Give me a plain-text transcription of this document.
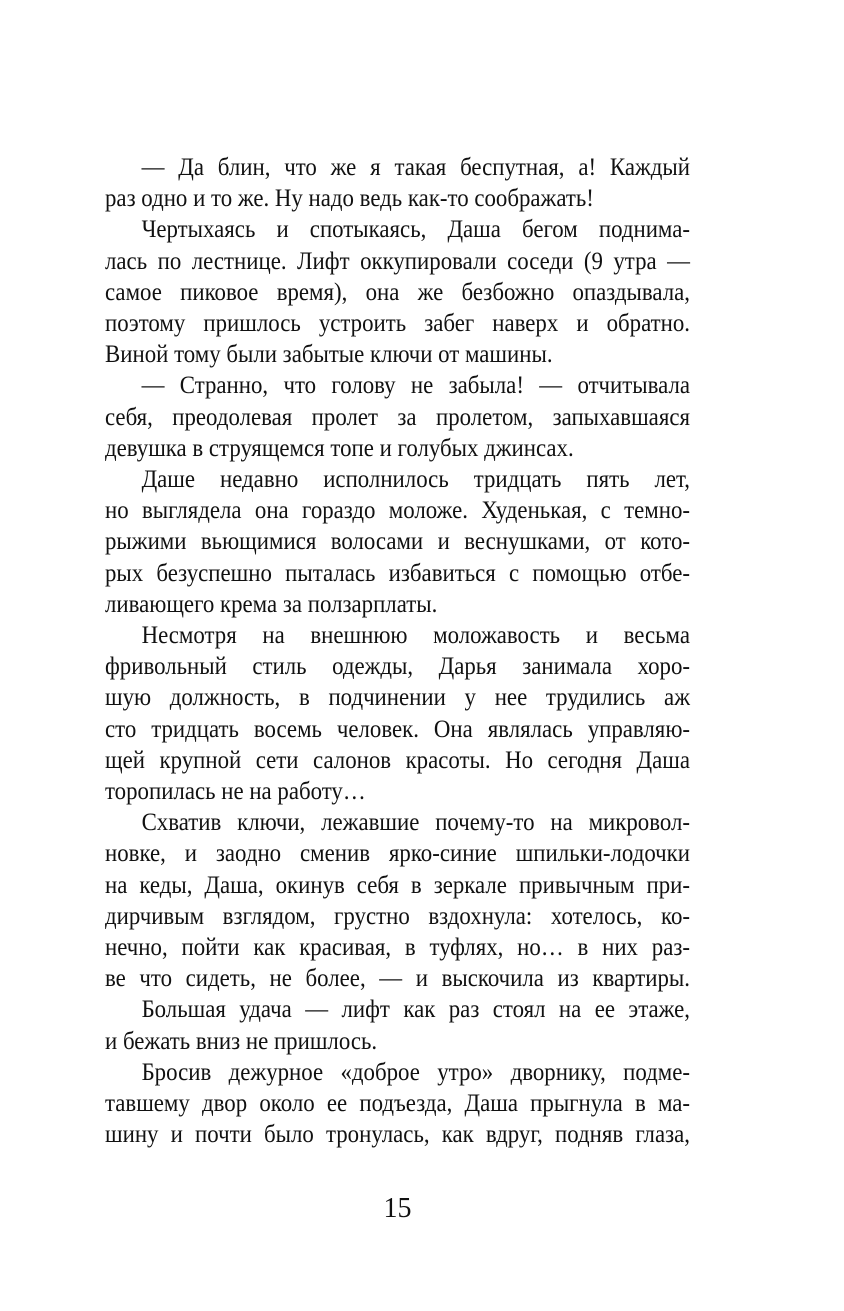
— Да блин, что же я такая беспутная, а! Каждый
раз одно и то же. Ну надо ведь как-то соображать!
Чертыхаясь и спотыкаясь, Даша бегом поднима-
лась по лестнице. Лифт оккупировали соседи (9 утра —
самое пиковое время), она же безбожно опаздывала,
поэтому пришлось устроить забег наверх и обратно.
Виной тому были забытые ключи от машины.
— Странно, что голову не забыла! — отчитывала
себя, преодолевая пролет за пролетом, запыхавшаяся
девушка в струящемся топе и голубых джинсах.
Даше недавно исполнилось тридцать пять лет,
но выглядела она гораздо моложе. Худенькая, с темно-
рыжими вьющимися волосами и веснушками, от кото-
рых безуспешно пыталась избавиться с помощью отбе-
ливающего крема за ползарплаты.
Несмотря на внешнюю моложавость и весьма
фривольный стиль одежды, Дарья занимала хоро-
шую должность, в подчинении у нее трудились аж
сто тридцать восемь человек. Она являлась управляю-
щей крупной сети салонов красоты. Но сегодня Даша
торопилась не на работу…
Схватив ключи, лежавшие почему-то на микровол-
новке, и заодно сменив ярко-синие шпильки-лодочки
на кеды, Даша, окинув себя в зеркале привычным при-
дирчивым взглядом, грустно вздохнула: хотелось, ко-
нечно, пойти как красивая, в туфлях, но… в них раз-
ве что сидеть, не более, — и выскочила из квартиры.
Большая удача — лифт как раз стоял на ее этаже,
и бежать вниз не пришлось.
Бросив дежурное «доброе утро» дворнику, подме-
тавшему двор около ее подъезда, Даша прыгнула в ма-
шину и почти было тронулась, как вдруг, подняв глаза,
15
